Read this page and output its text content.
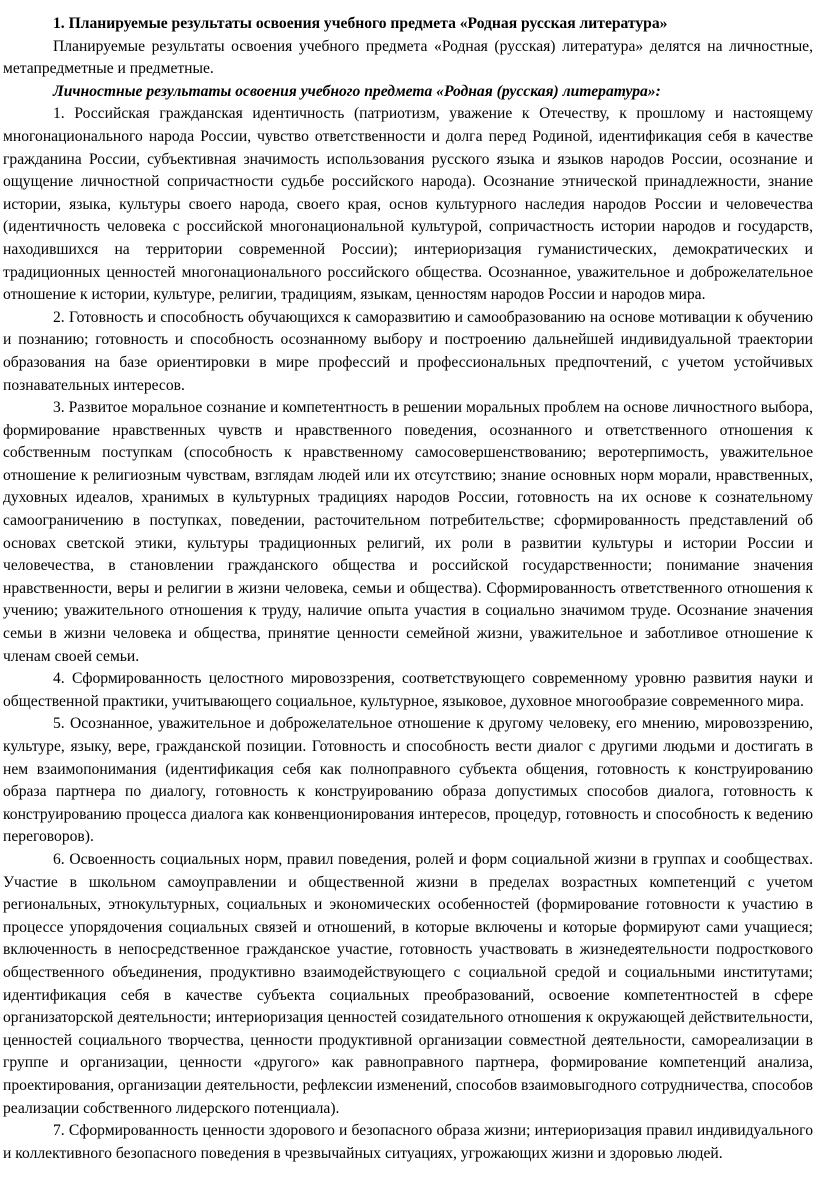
1. Планируемые результаты освоения учебного предмета «Родная русская литература»

Планируемые результаты освоения учебного предмета «Родная (русская) литература» делятся на личностные, метапредметные и предметные.

Личностные результаты освоения учебного предмета «Родная (русская) литература»:

1. Российская гражданская идентичность (патриотизм, уважение к Отечеству, к прошлому и настоящему многонационального народа России, чувство ответственности и долга перед Родиной, идентификация себя в качестве гражданина России, субъективная значимость использования русского языка и языков народов России, осознание и ощущение личностной сопричастности судьбе российского народа). Осознание этнической принадлежности, знание истории, языка, культуры своего народа, своего края, основ культурного наследия народов России и человечества (идентичность человека с российской многонациональной культурой, сопричастность истории народов и государств, находившихся на территории современной России); интериоризация гуманистических, демократических и традиционных ценностей многонационального российского общества. Осознанное, уважительное и доброжелательное отношение к истории, культуре, религии, традициям, языкам, ценностям народов России и народов мира.

2. Готовность и способность обучающихся к саморазвитию и самообразованию на основе мотивации к обучению и познанию; готовность и способность осознанному выбору и построению дальнейшей индивидуальной траектории образования на базе ориентировки в мире профессий и профессиональных предпочтений, с учетом устойчивых познавательных интересов.

3. Развитое моральное сознание и компетентность в решении моральных проблем на основе личностного выбора, формирование нравственных чувств и нравственного поведения, осознанного и ответственного отношения к собственным поступкам (способность к нравственному самосовершенствованию; веротерпимость, уважительное отношение к религиозным чувствам, взглядам людей или их отсутствию; знание основных норм морали, нравственных, духовных идеалов, хранимых в культурных традициях народов России, готовность на их основе к сознательному самоограничению в поступках, поведении, расточительном потребительстве; сформированность представлений об основах светской этики, культуры традиционных религий, их роли в развитии культуры и истории России и человечества, в становлении гражданского общества и российской государственности; понимание значения нравственности, веры и религии в жизни человека, семьи и общества). Сформированность ответственного отношения к учению; уважительного отношения к труду, наличие опыта участия в социально значимом труде. Осознание значения семьи в жизни человека и общества, принятие ценности семейной жизни, уважительное и заботливое отношение к членам своей семьи.

4. Сформированность целостного мировоззрения, соответствующего современному уровню развития науки и общественной практики, учитывающего социальное, культурное, языковое, духовное многообразие современного мира.

5. Осознанное, уважительное и доброжелательное отношение к другому человеку, его мнению, мировоззрению, культуре, языку, вере, гражданской позиции. Готовность и способность вести диалог с другими людьми и достигать в нем взаимопонимания (идентификация себя как полноправного субъекта общения, готовность к конструированию образа партнера по диалогу, готовность к конструированию образа допустимых способов диалога, готовность к конструированию процесса диалога как конвенционирования интересов, процедур, готовность и способность к ведению переговоров).

6. Освоенность социальных норм, правил поведения, ролей и форм социальной жизни в группах и сообществах. Участие в школьном самоуправлении и общественной жизни в пределах возрастных компетенций с учетом региональных, этнокультурных, социальных и экономических особенностей (формирование готовности к участию в процессе упорядочения социальных связей и отношений, в которые включены и которые формируют сами учащиеся; включенность в непосредственное гражданское участие, готовность участвовать в жизнедеятельности подросткового общественного объединения, продуктивно взаимодействующего с социальной средой и социальными институтами; идентификация себя в качестве субъекта социальных преобразований, освоение компетентностей в сфере организаторской деятельности; интериоризация ценностей созидательного отношения к окружающей действительности, ценностей социального творчества, ценности продуктивной организации совместной деятельности, самореализации в группе и организации, ценности «другого» как равноправного партнера, формирование компетенций анализа, проектирования, организации деятельности, рефлексии изменений, способов взаимовыгодного сотрудничества, способов реализации собственного лидерского потенциала).

7. Сформированность ценности здорового и безопасного образа жизни; интериоризация правил индивидуального и коллективного безопасного поведения в чрезвычайных ситуациях, угрожающих жизни и здоровью людей.
